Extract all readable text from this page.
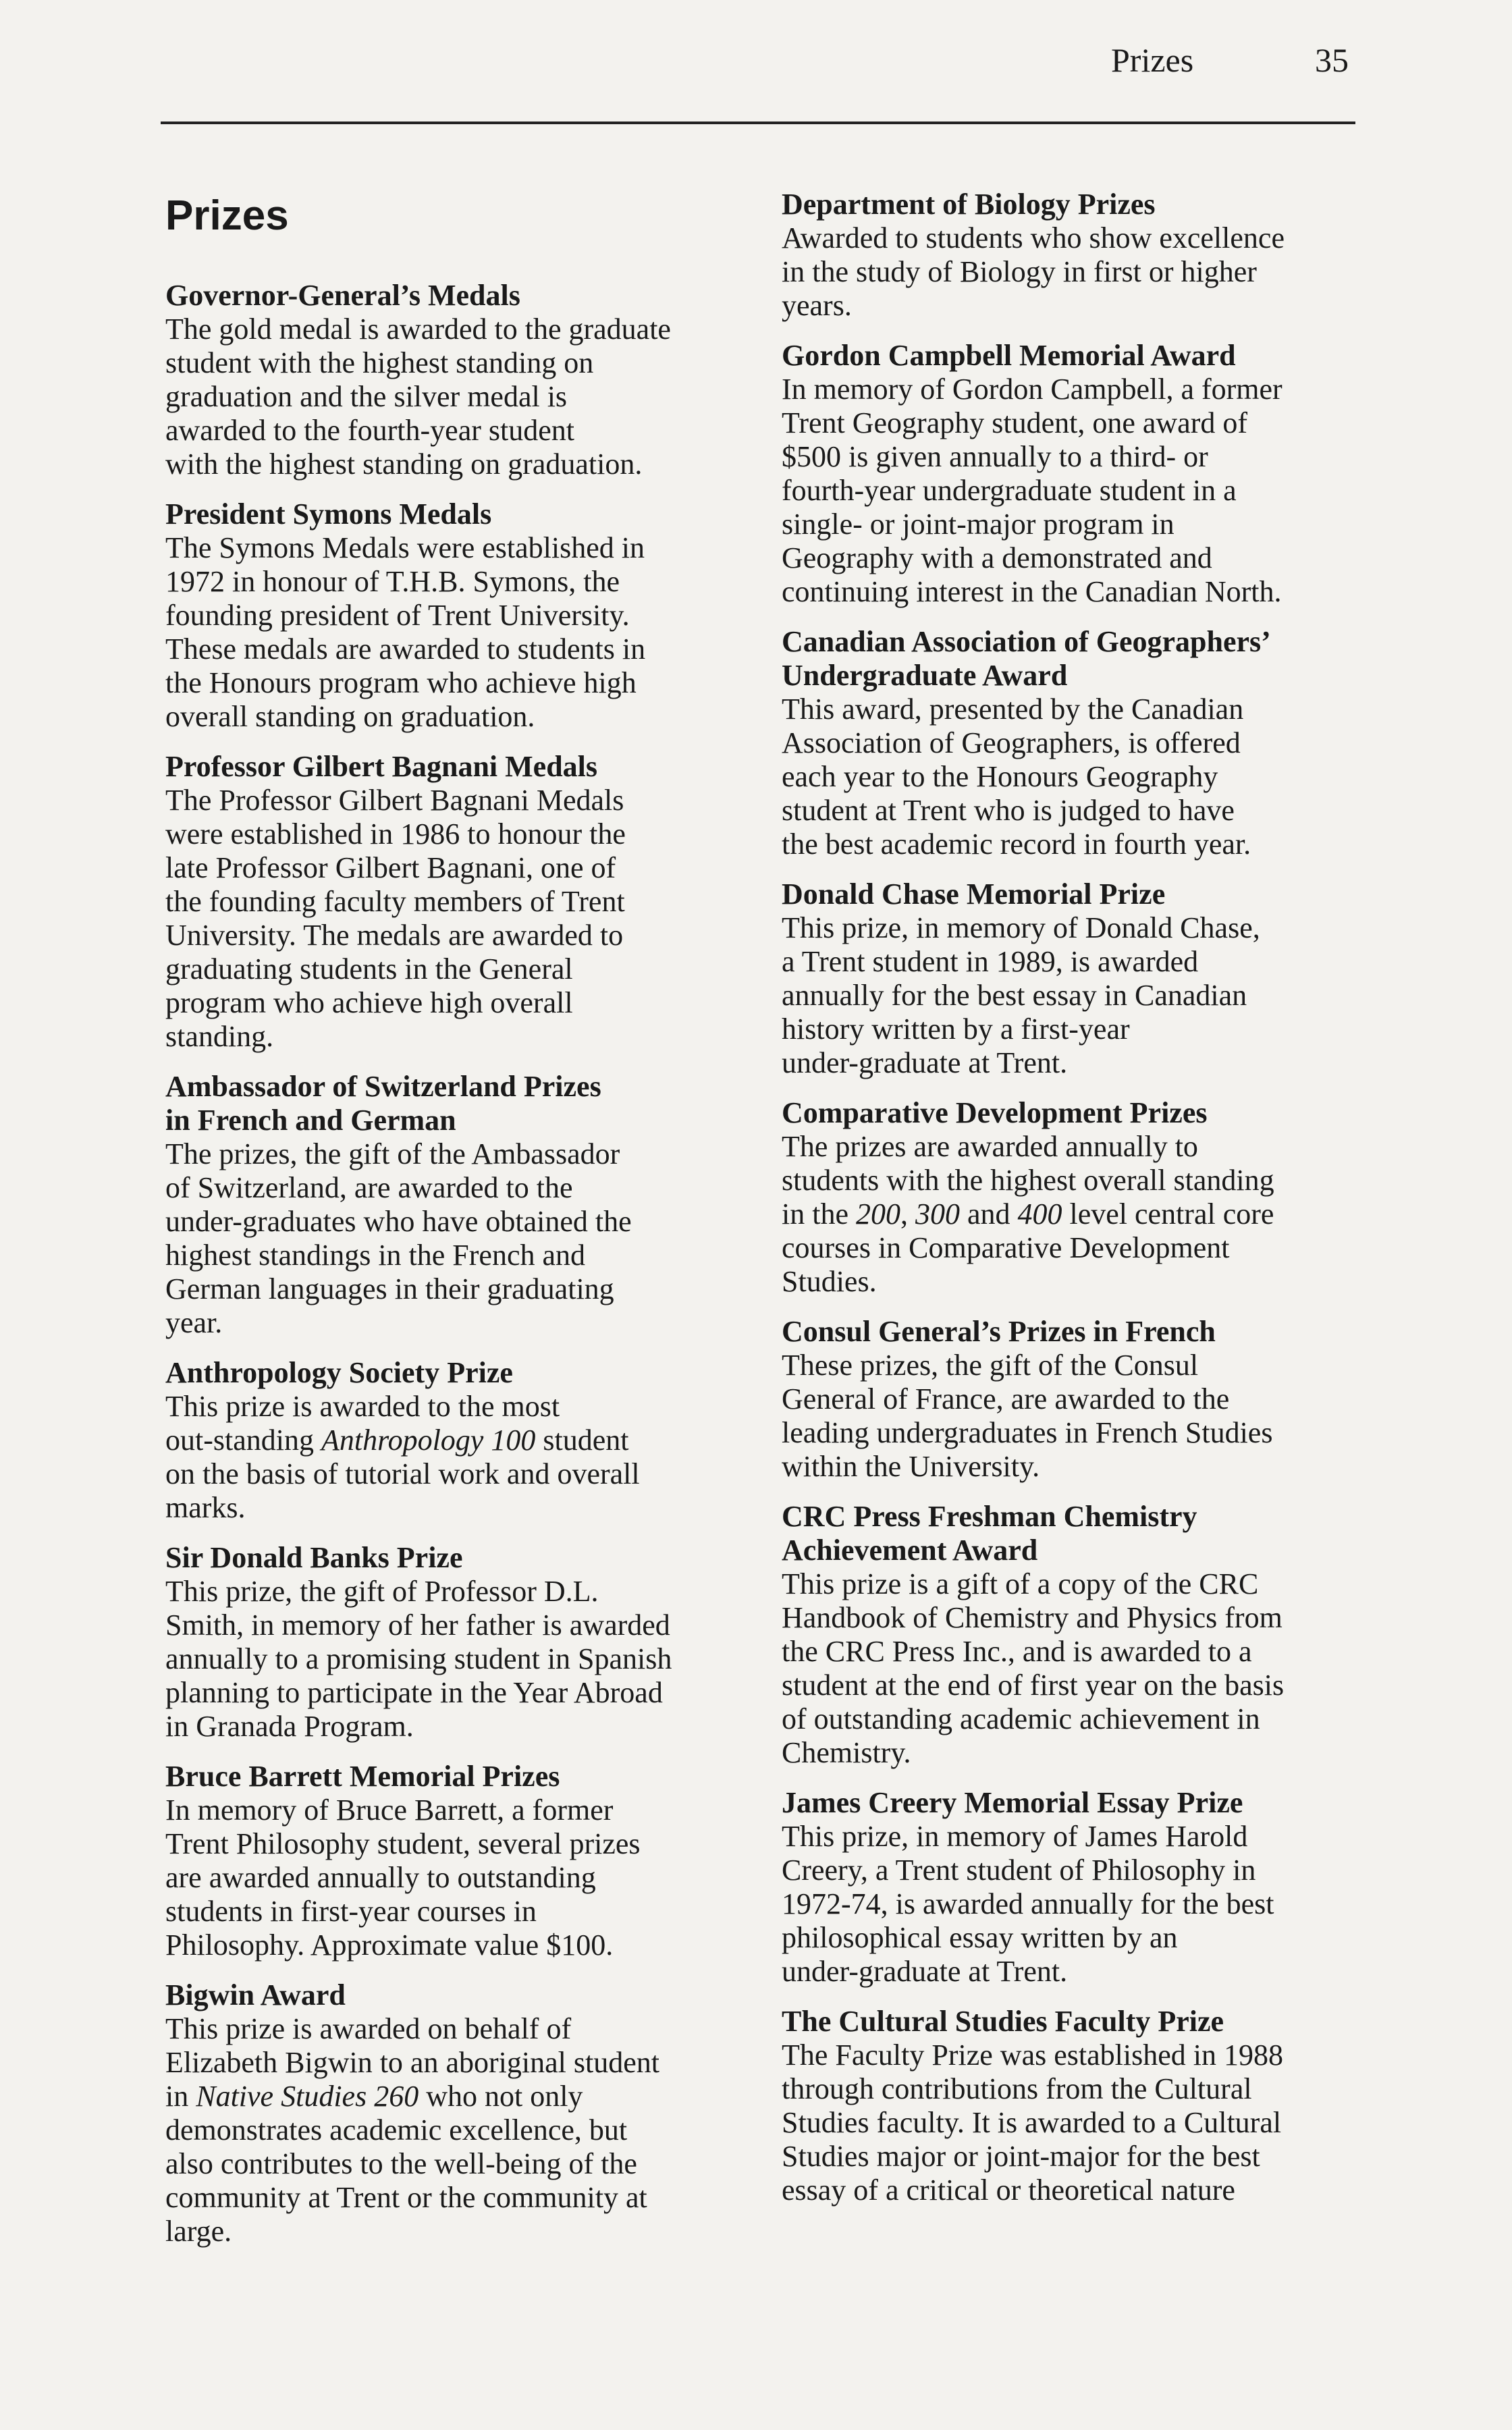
Prizes	35
Prizes
Governor-General’s Medals
The gold medal is awarded to the graduate
student with the highest standing on
graduation and the silver medal is
awarded to the fourth-year student
with the highest standing on graduation.
President Symons Medals
The Symons Medals were established in
1972 in honour of T.H.B. Symons, the
founding president of Trent University.
These medals are awarded to students in
the Honours program who achieve high
overall standing on graduation.
Professor Gilbert Bagnani Medals
The Professor Gilbert Bagnani Medals
were established in 1986 to honour the
late Professor Gilbert Bagnani, one of
the founding faculty members of Trent
University. The medals are awarded to
graduating students in the General
program who achieve high overall
standing.
Ambassador of Switzerland Prizes
in French and German
The prizes, the gift of the Ambassador
of Switzerland, are awarded to the
under-graduates who have obtained the
highest standings in the French and
German languages in their graduating
year.
Anthropology Society Prize
This prize is awarded to the most
out-standing Anthropology 100 student
on the basis of tutorial work and overall
marks.
Sir Donald Banks Prize
This prize, the gift of Professor D.L.
Smith, in memory of her father is awarded
annually to a promising student in Spanish
planning to participate in the Year Abroad
in Granada Program.
Bruce Barrett Memorial Prizes
In memory of Bruce Barrett, a former
Trent Philosophy student, several prizes
are awarded annually to outstanding
students in first-year courses in
Philosophy. Approximate value $100.
Bigwin Award
This prize is awarded on behalf of
Elizabeth Bigwin to an aboriginal student
in Native Studies 260 who not only
demonstrates academic excellence, but
also contributes to the well-being of the
community at Trent or the community at
large.
Department of Biology Prizes
Awarded to students who show excellence
in the study of Biology in first or higher
years.
Gordon Campbell Memorial Award
In memory of Gordon Campbell, a former
Trent Geography student, one award of
$500 is given annually to a third- or
fourth-year undergraduate student in a
single- or joint-major program in
Geography with a demonstrated and
continuing interest in the Canadian North.
Canadian Association of Geographers’
Undergraduate Award
This award, presented by the Canadian
Association of Geographers, is offered
each year to the Honours Geography
student at Trent who is judged to have
the best academic record in fourth year.
Donald Chase Memorial Prize
This prize, in memory of Donald Chase,
a Trent student in 1989, is awarded
annually for the best essay in Canadian
history written by a first-year
under-graduate at Trent.
Comparative Development Prizes
The prizes are awarded annually to
students with the highest overall standing
in the 200, 300 and 400 level central core
courses in Comparative Development
Studies.
Consul General’s Prizes in French
These prizes, the gift of the Consul
General of France, are awarded to the
leading undergraduates in French Studies
within the University.
CRC Press Freshman Chemistry
Achievement Award
This prize is a gift of a copy of the CRC
Handbook of Chemistry and Physics from
the CRC Press Inc., and is awarded to a
student at the end of first year on the basis
of outstanding academic achievement in
Chemistry.
James Creery Memorial Essay Prize
This prize, in memory of James Harold
Creery, a Trent student of Philosophy in
1972-74, is awarded annually for the best
philosophical essay written by an
under-graduate at Trent.
The Cultural Studies Faculty Prize
The Faculty Prize was established in 1988
through contributions from the Cultural
Studies faculty. It is awarded to a Cultural
Studies major or joint-major for the best
essay of a critical or theoretical nature
